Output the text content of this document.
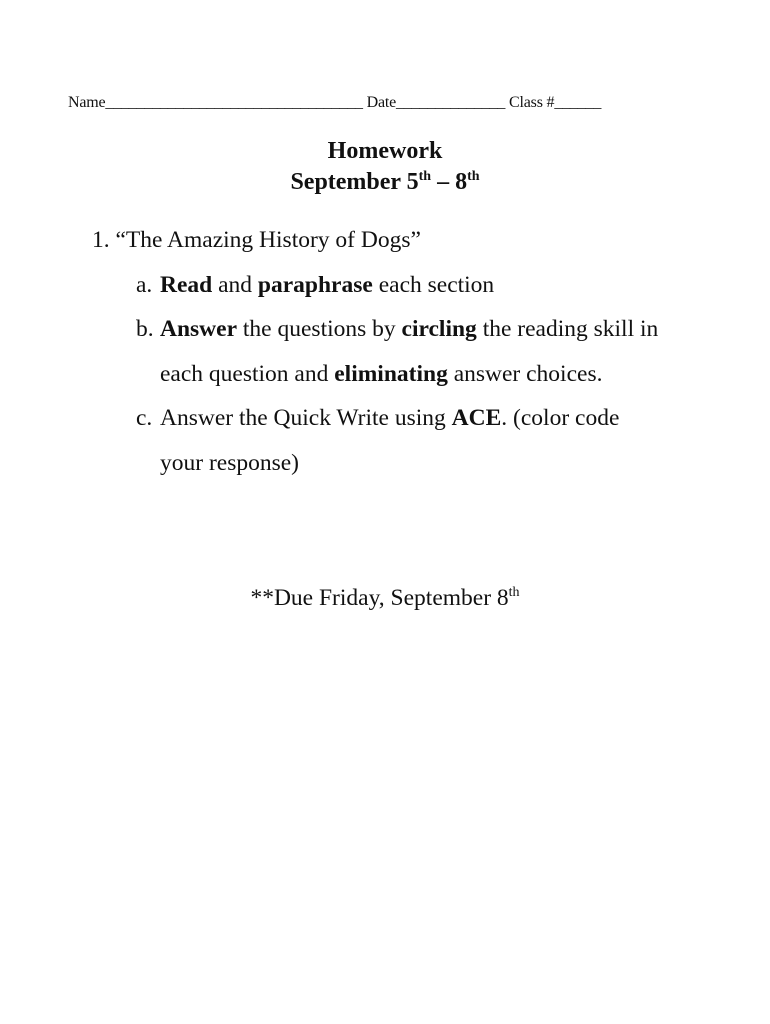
Name_________________________________ Date______________ Class #______
Homework
September 5th – 8th
1. “The Amazing History of Dogs”
a. Read and paraphrase each section
b. Answer the questions by circling the reading skill in
each question and eliminating answer choices.
c. Answer the Quick Write using ACE. (color code
your response)
**Due Friday, September 8th
